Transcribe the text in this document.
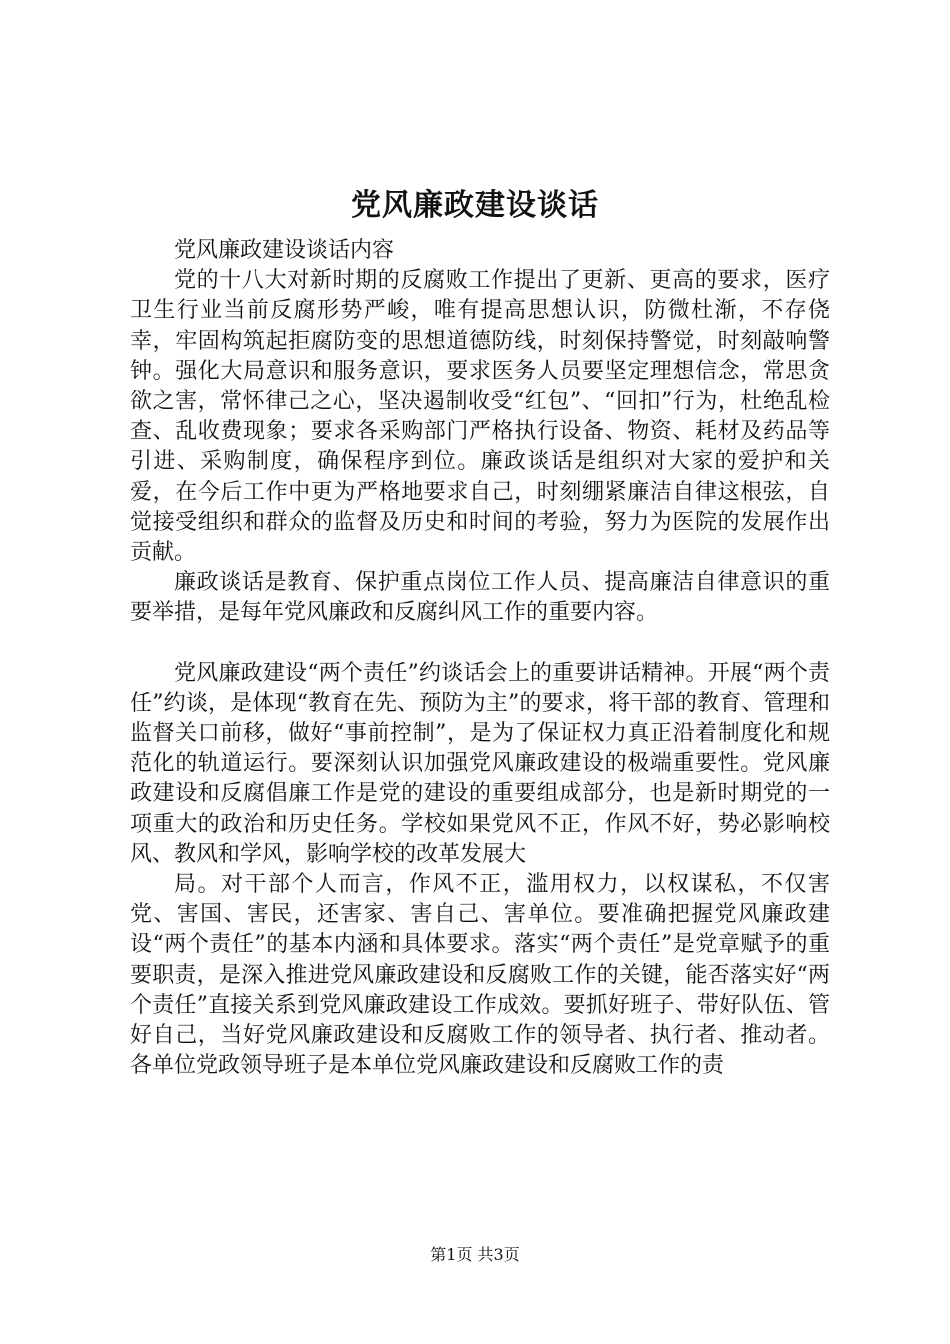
党风廉政建设谈话

党风廉政建设谈话内容

党的十八大对新时期的反腐败工作提出了更新、更高的要求，医疗卫生行业当前反腐形势严峻，唯有提高思想认识，防微杜渐，不存侥幸，牢固构筑起拒腐防变的思想道德防线，时刻保持警觉，时刻敲响警钟。强化大局意识和服务意识，要求医务人员要坚定理想信念，常思贪欲之害，常怀律己之心，坚决遏制收受“红包”、“回扣”行为，杜绝乱检查、乱收费现象；要求各采购部门严格执行设备、物资、耗材及药品等引进、采购制度，确保程序到位。廉政谈话是组织对大家的爱护和关爱，在今后工作中更为严格地要求自己，时刻绷紧廉洁自律这根弦，自觉接受组织和群众的监督及历史和时间的考验，努力为医院的发展作出贡献。

廉政谈话是教育、保护重点岗位工作人员、提高廉洁自律意识的重要举措，是每年党风廉政和反腐纠风工作的重要内容。

党风廉政建设“两个责任”约谈话会上的重要讲话精神。开展“两个责任”约谈，是体现“教育在先、预防为主”的要求，将干部的教育、管理和监督关口前移，做好“事前控制”，是为了保证权力真正沿着制度化和规范化的轨道运行。要深刻认识加强党风廉政建设的极端重要性。党风廉政建设和反腐倡廉工作是党的建设的重要组成部分，也是新时期党的一项重大的政治和历史任务。学校如果党风不正，作风不好，势必影响校风、教风和学风，影响学校的改革发展大

局。对干部个人而言，作风不正，滥用权力，以权谋私，不仅害党、害国、害民，还害家、害自己、害单位。要准确把握党风廉政建设“两个责任”的基本内涵和具体要求。落实“两个责任”是党章赋予的重要职责，是深入推进党风廉政建设和反腐败工作的关键，能否落实好“两个责任”直接关系到党风廉政建设工作成效。要抓好班子、带好队伍、管好自己，当好党风廉政建设和反腐败工作的领导者、执行者、推动者。各单位党政领导班子是本单位党风廉政建设和反腐败工作的责

第1页 共3页
